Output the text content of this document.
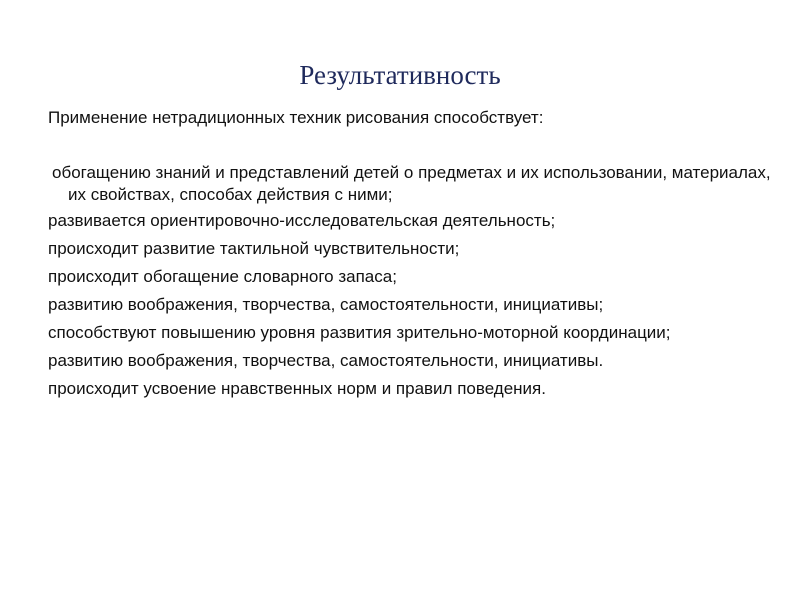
Результативность
Применение нетрадиционных техник рисования способствует:
обогащению знаний и представлений детей о предметах и их использовании, материалах, их свойствах, способах действия с ними;
развивается ориентировочно-исследовательская деятельность;
происходит развитие тактильной чувствительности;
происходит обогащение словарного запаса;
развитию воображения, творчества, самостоятельности, инициативы;
способствуют повышению уровня развития зрительно-моторной координации;
развитию воображения, творчества, самостоятельности, инициативы.
происходит усвоение нравственных норм и правил поведения.
